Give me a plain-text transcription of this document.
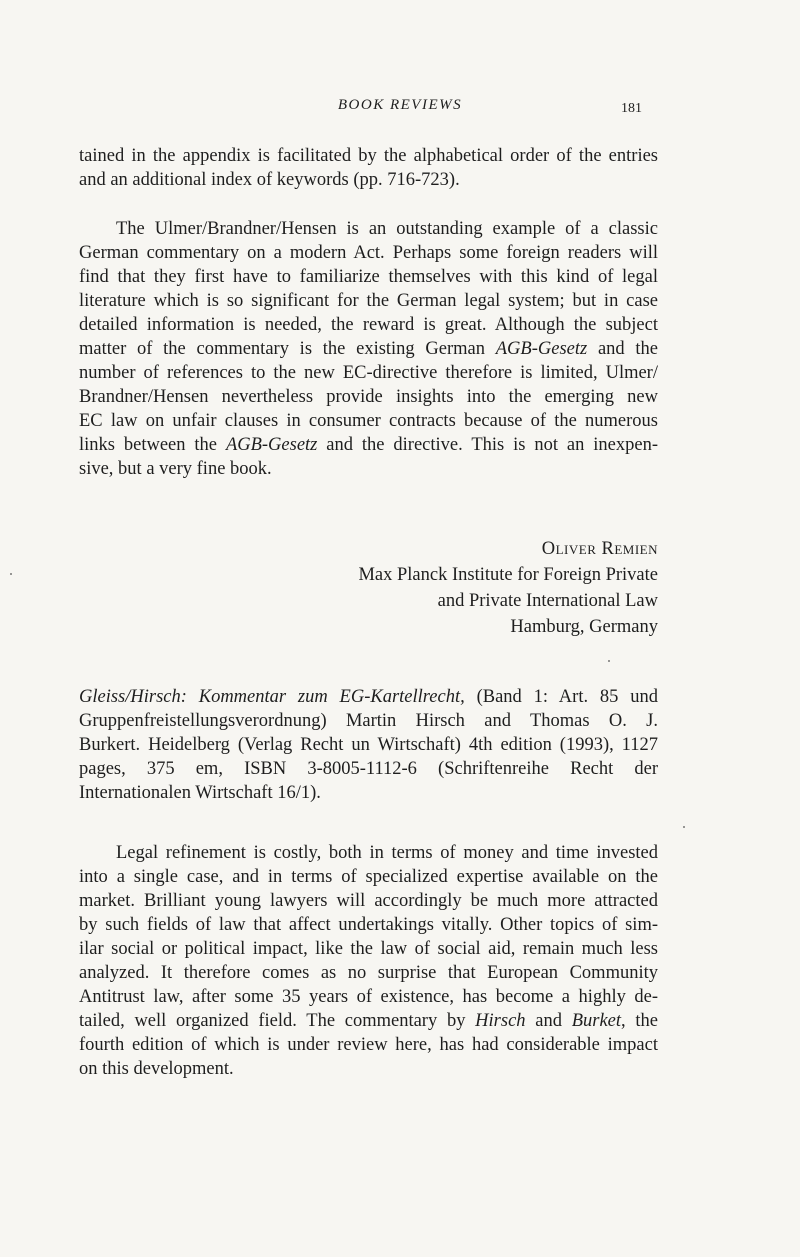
BOOK REVIEWS	181
tained in the appendix is facilitated by the alphabetical order of the entries
and an additional index of keywords (pp. 716-723).
The Ulmer/Brandner/Hensen is an outstanding example of a classic
German commentary on a modern Act. Perhaps some foreign readers will
find that they first have to familiarize themselves with this kind of legal
literature which is so significant for the German legal system; but in case
detailed information is needed, the reward is great. Although the subject
matter of the commentary is the existing German AGB-Gesetz and the
number of references to the new EC-directive therefore is limited, Ulmer/
Brandner/Hensen nevertheless provide insights into the emerging new
EC law on unfair clauses in consumer contracts because of the numerous
links between the AGB-Gesetz and the directive. This is not an inexpen-
sive, but a very fine book.
Oliver Remien
Max Planck Institute for Foreign Private
and Private International Law
Hamburg, Germany
Gleiss/Hirsch: Kommentar zum EG-Kartellrecht, (Band 1: Art. 85 und
Gruppenfreistellungsverordnung) Martin Hirsch and Thomas O. J.
Burkert. Heidelberg (Verlag Recht un Wirtschaft) 4th edition (1993), 1127
pages, 375 em, ISBN 3-8005-1112-6 (Schriftenreihe Recht der
Internationalen Wirtschaft 16/1).
Legal refinement is costly, both in terms of money and time invested
into a single case, and in terms of specialized expertise available on the
market. Brilliant young lawyers will accordingly be much more attracted
by such fields of law that affect undertakings vitally. Other topics of sim-
ilar social or political impact, like the law of social aid, remain much less
analyzed. It therefore comes as no surprise that European Community
Antitrust law, after some 35 years of existence, has become a highly de-
tailed, well organized field. The commentary by Hirsch and Burket, the
fourth edition of which is under review here, has had considerable impact
on this development.
